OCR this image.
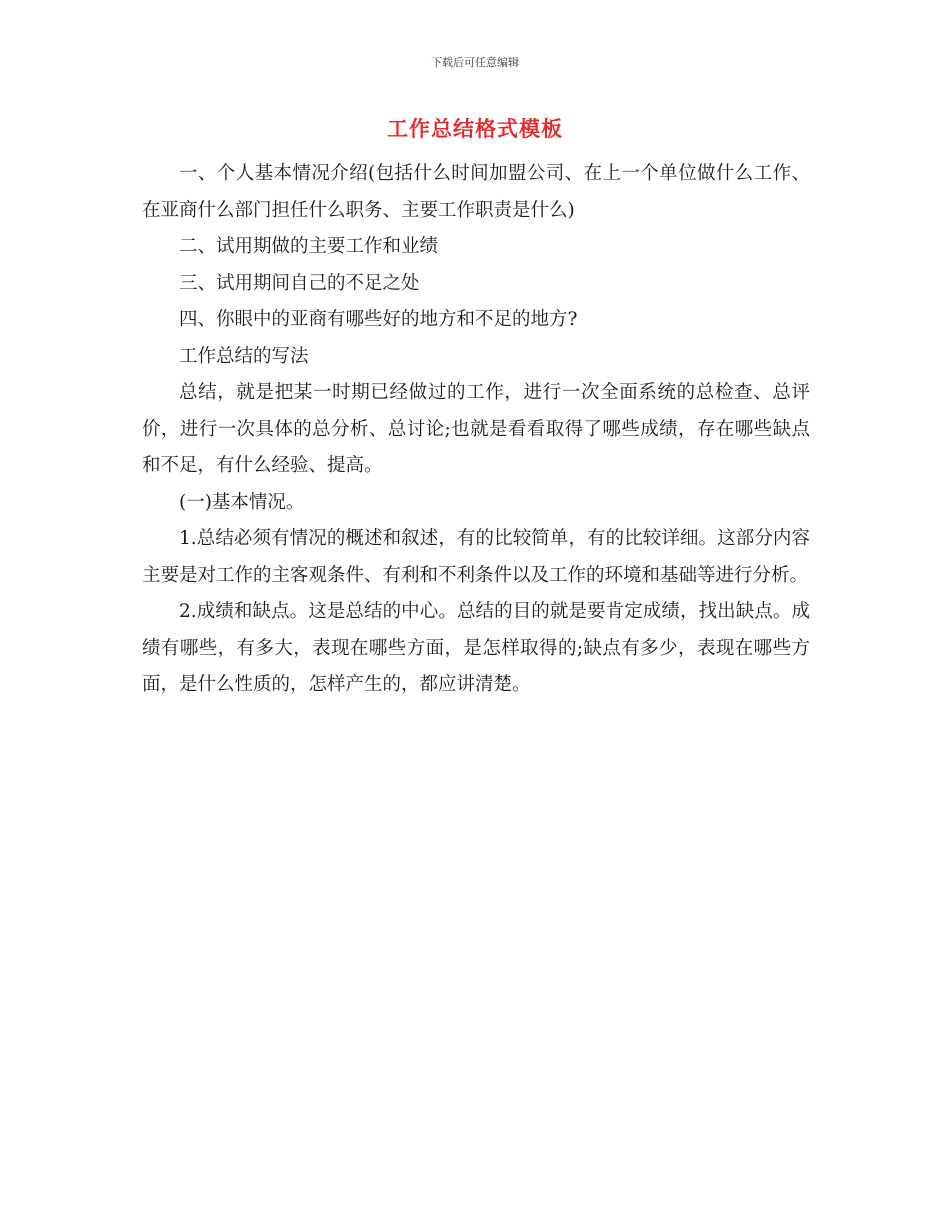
下载后可任意编辑
工作总结格式模板

一、个人基本情况介绍(包括什么时间加盟公司、在上一个单位做什么工作、在亚商什么部门担任什么职务、主要工作职责是什么)

二、试用期做的主要工作和业绩

三、试用期间自己的不足之处

四、你眼中的亚商有哪些好的地方和不足的地方?

工作总结的写法

总结，就是把某一时期已经做过的工作，进行一次全面系统的总检查、总评价，进行一次具体的总分析、总讨论;也就是看看取得了哪些成绩，存在哪些缺点和不足，有什么经验、提高。

(一)基本情况。

1.总结必须有情况的概述和叙述，有的比较简单，有的比较详细。这部分内容主要是对工作的主客观条件、有利和不利条件以及工作的环境和基础等进行分析。

2.成绩和缺点。这是总结的中心。总结的目的就是要肯定成绩，找出缺点。成绩有哪些，有多大，表现在哪些方面，是怎样取得的;缺点有多少，表现在哪些方面，是什么性质的，怎样产生的，都应讲清楚。
